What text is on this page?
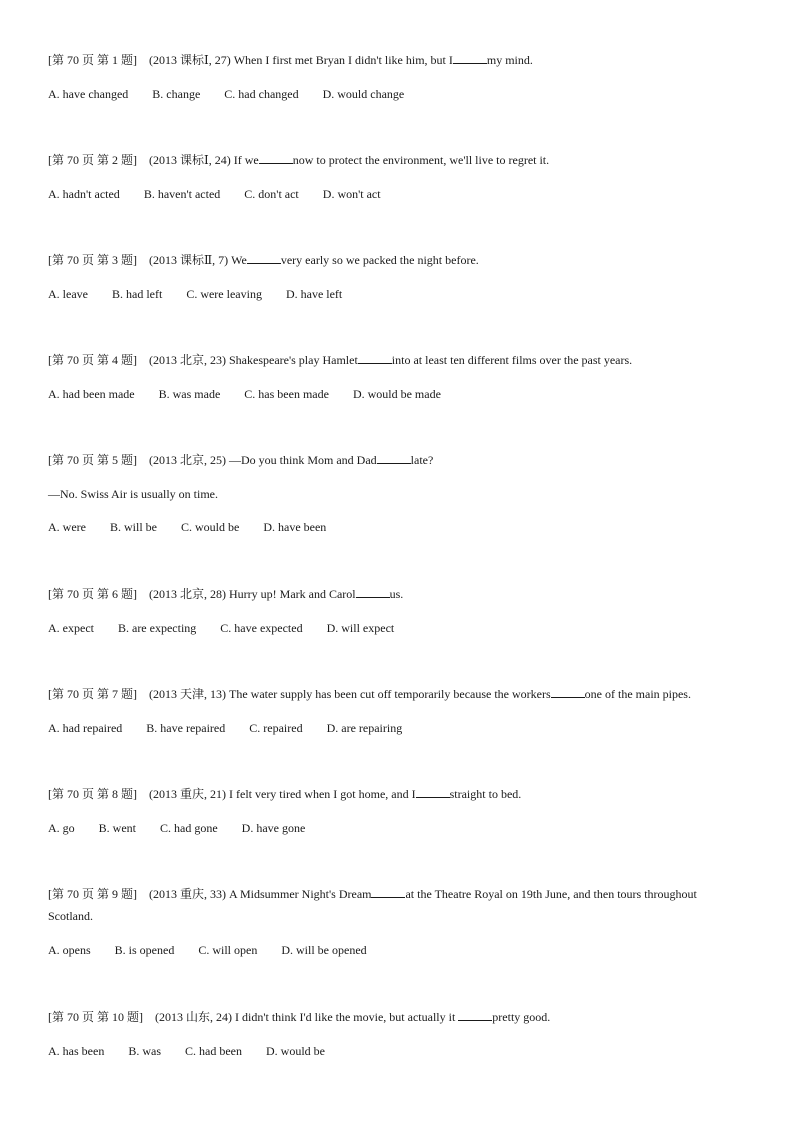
[第 70 页 第 1 题] (2013 课标Ⅰ, 27) When I first met Bryan I didn't like him, but I	my mind.
A. have changed B. change C. had changed D. would change
[第 70 页 第 2 题] (2013 课标Ⅰ, 24) If we	now to protect the environment, we'll live to regret it.
A. hadn't acted B. haven't acted C. don't act D. won't act
[第 70 页 第 3 题] (2013 课标Ⅱ, 7) We	very early so we packed the night before.
A. leave B. had left C. were leaving D. have left
[第 70 页 第 4 题] (2013 北京, 23) Shakespeare's play Hamlet	into at least ten different films over the past years.
A. had been made B. was made C. has been made D. would be made
[第 70 页 第 5 题] (2013 北京, 25) —Do you think Mom and Dad	late?
—No. Swiss Air is usually on time.
A. were B. will be C. would be D. have been
[第 70 页 第 6 题] (2013 北京, 28) Hurry up! Mark and Carol	us.
A. expect B. are expecting C. have expected D. will expect
[第 70 页 第 7 题] (2013 天津, 13) The water supply has been cut off temporarily because the workers	one of the main pipes.
A. had repaired B. have repaired C. repaired D. are repairing
[第 70 页 第 8 题] (2013 重庆, 21) I felt very tired when I got home, and I	straight to bed.
A. go B. went C. had gone D. have gone
[第 70 页 第 9 题] (2013 重庆, 33) A Midsummer Night's Dream	at the Theatre Royal on 19th June, and then tours throughout
Scotland.
A. opens B. is opened C. will open D. will be opened
[第 70 页 第 10 题] (2013 山东, 24) I didn't think I'd like the movie, but actually it	pretty good.
A. has been B. was C. had been D. would be
